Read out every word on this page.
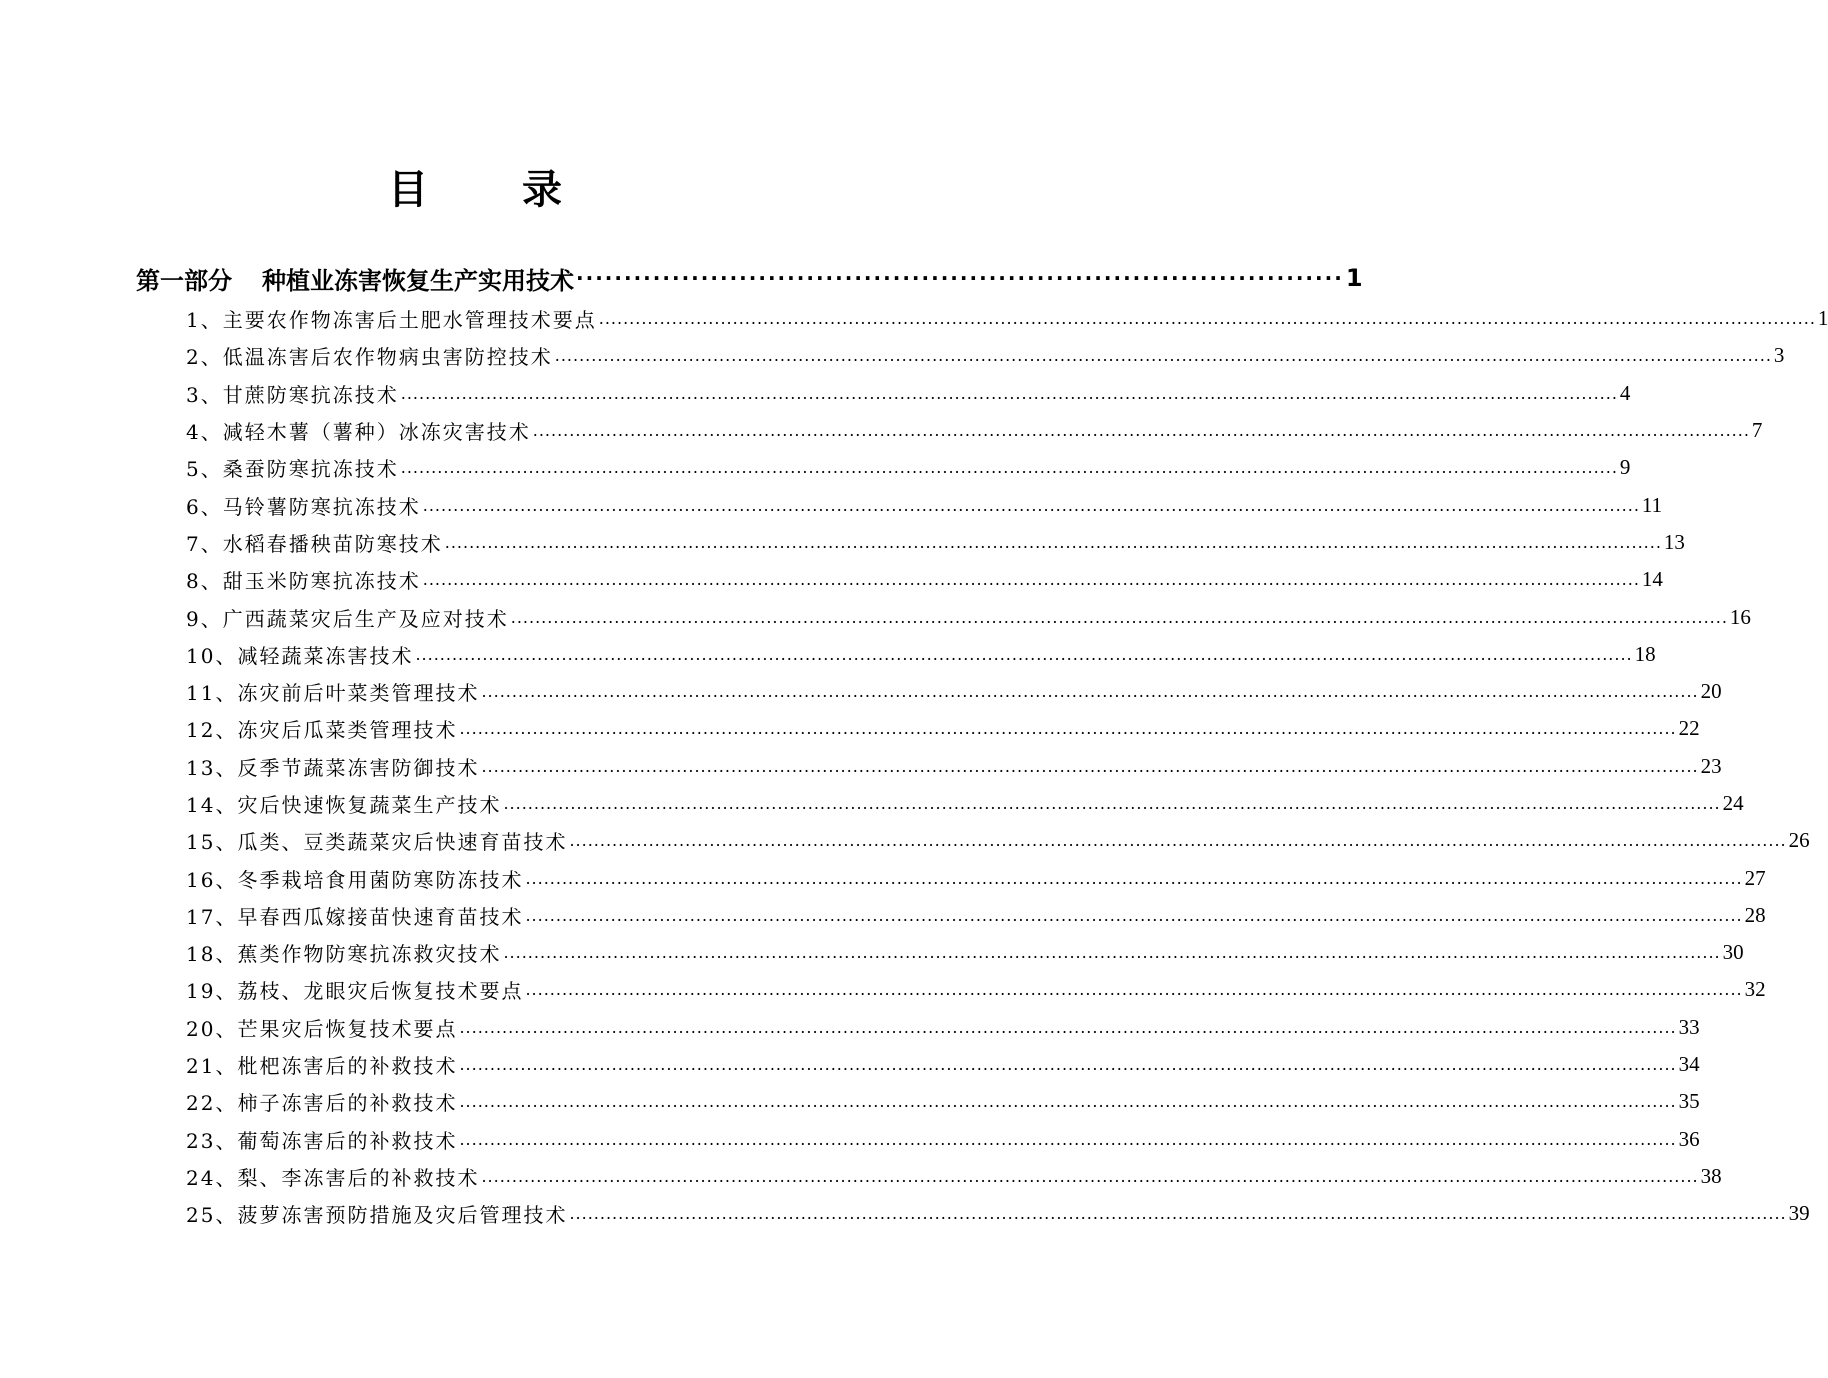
目 录
第一部分 种植业冻害恢复生产实用技术 ················································································ 1
1、主要农作物冻害后土肥水管理技术要点 ........................................................................................................................................................................................................ 1
2、低温冻害后农作物病虫害防控技术 ........................................................................................................................................................................................................ 3
3、甘蔗防寒抗冻技术 ........................................................................................................................................................................................................ 4
4、减轻木薯（薯种）冰冻灾害技术 ........................................................................................................................................................................................................ 7
5、桑蚕防寒抗冻技术 ........................................................................................................................................................................................................ 9
6、马铃薯防寒抗冻技术 ........................................................................................................................................................................................................ 11
7、水稻春播秧苗防寒技术 ........................................................................................................................................................................................................ 13
8、甜玉米防寒抗冻技术 ........................................................................................................................................................................................................ 14
9、广西蔬菜灾后生产及应对技术 ........................................................................................................................................................................................................ 16
10、减轻蔬菜冻害技术 ........................................................................................................................................................................................................ 18
11、冻灾前后叶菜类管理技术 ........................................................................................................................................................................................................ 20
12、冻灾后瓜菜类管理技术 ........................................................................................................................................................................................................ 22
13、反季节蔬菜冻害防御技术 ........................................................................................................................................................................................................ 23
14、灾后快速恢复蔬菜生产技术 ........................................................................................................................................................................................................ 24
15、瓜类、豆类蔬菜灾后快速育苗技术 ........................................................................................................................................................................................................ 26
16、冬季栽培食用菌防寒防冻技术 ........................................................................................................................................................................................................ 27
17、早春西瓜嫁接苗快速育苗技术 ........................................................................................................................................................................................................ 28
18、蕉类作物防寒抗冻救灾技术 ........................................................................................................................................................................................................ 30
19、荔枝、龙眼灾后恢复技术要点 ........................................................................................................................................................................................................ 32
20、芒果灾后恢复技术要点 ........................................................................................................................................................................................................ 33
21、枇杷冻害后的补救技术 ........................................................................................................................................................................................................ 34
22、柿子冻害后的补救技术 ........................................................................................................................................................................................................ 35
23、葡萄冻害后的补救技术 ........................................................................................................................................................................................................ 36
24、梨、李冻害后的补救技术 ........................................................................................................................................................................................................ 38
25、菠萝冻害预防措施及灾后管理技术 ........................................................................................................................................................................................................ 39
